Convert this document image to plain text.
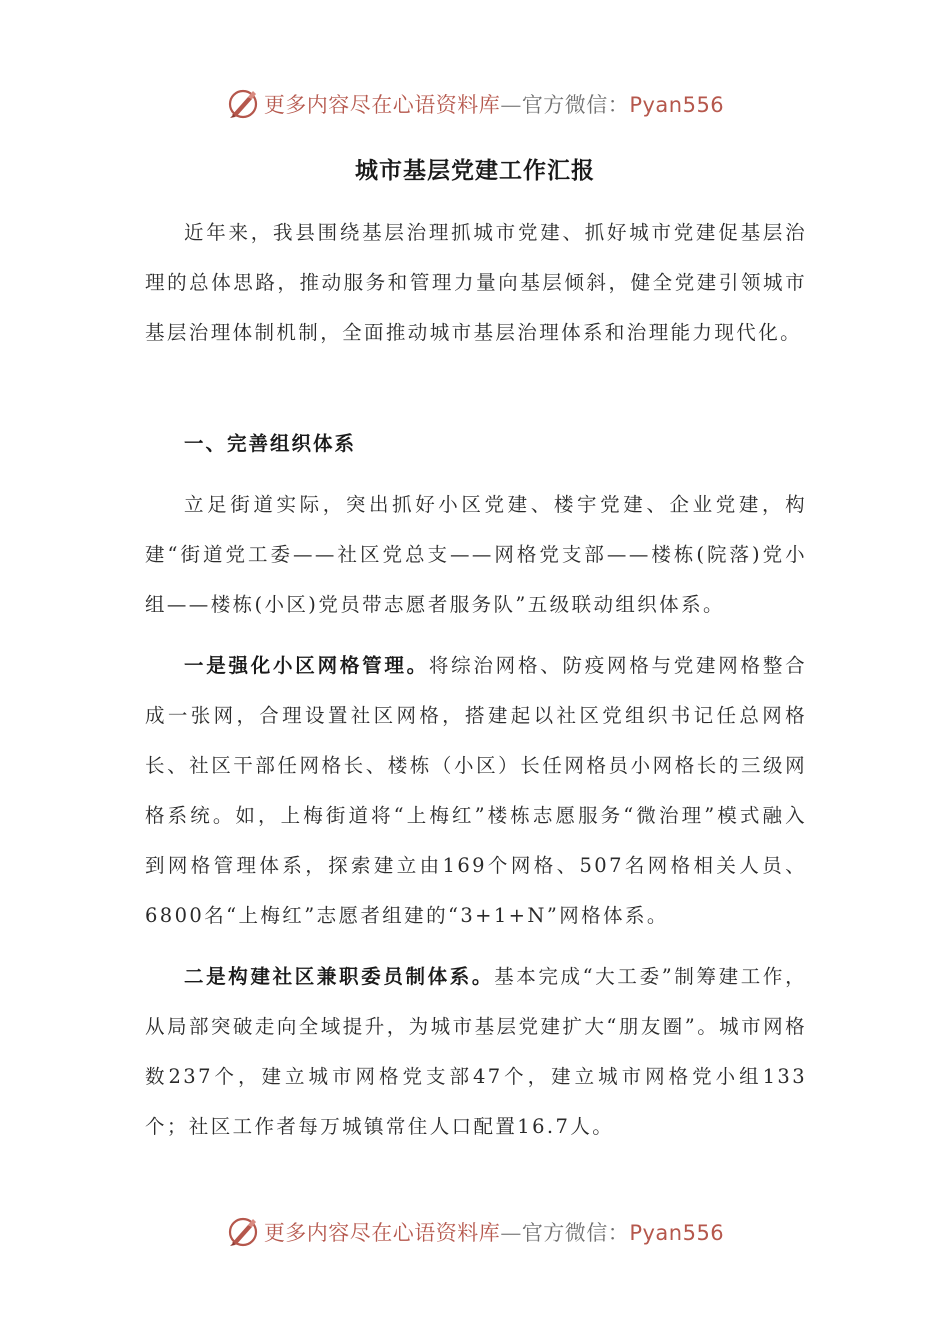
更多内容尽在心语资料库—官方微信：Pyan556
城市基层党建工作汇报

近年来，我县围绕基层治理抓城市党建、抓好城市党建促基层治理的总体思路，推动服务和管理力量向基层倾斜，健全党建引领城市基层治理体制机制，全面推动城市基层治理体系和治理能力现代化。

一、完善组织体系

立足街道实际，突出抓好小区党建、楼宇党建、企业党建，构建“街道党工委——社区党总支——网格党支部——楼栋(院落)党小组——楼栋(小区)党员带志愿者服务队”五级联动组织体系。

一是强化小区网格管理。将综治网格、防疫网格与党建网格整合成一张网，合理设置社区网格，搭建起以社区党组织书记任总网格长、社区干部任网格长、楼栋（小区）长任网格员小网格长的三级网格系统。如，上梅街道将“上梅红”楼栋志愿服务“微治理”模式融入到网格管理体系，探索建立由169个网格、507名网格相关人员、6800名“上梅红”志愿者组建的“3+1+N”网格体系。

二是构建社区兼职委员制体系。基本完成“大工委”制筹建工作，从局部突破走向全域提升，为城市基层党建扩大“朋友圈”。城市网格数237个，建立城市网格党支部47个，建立城市网格党小组133个；社区工作者每万城镇常住人口配置16.7人。

更多内容尽在心语资料库—官方微信：Pyan556
